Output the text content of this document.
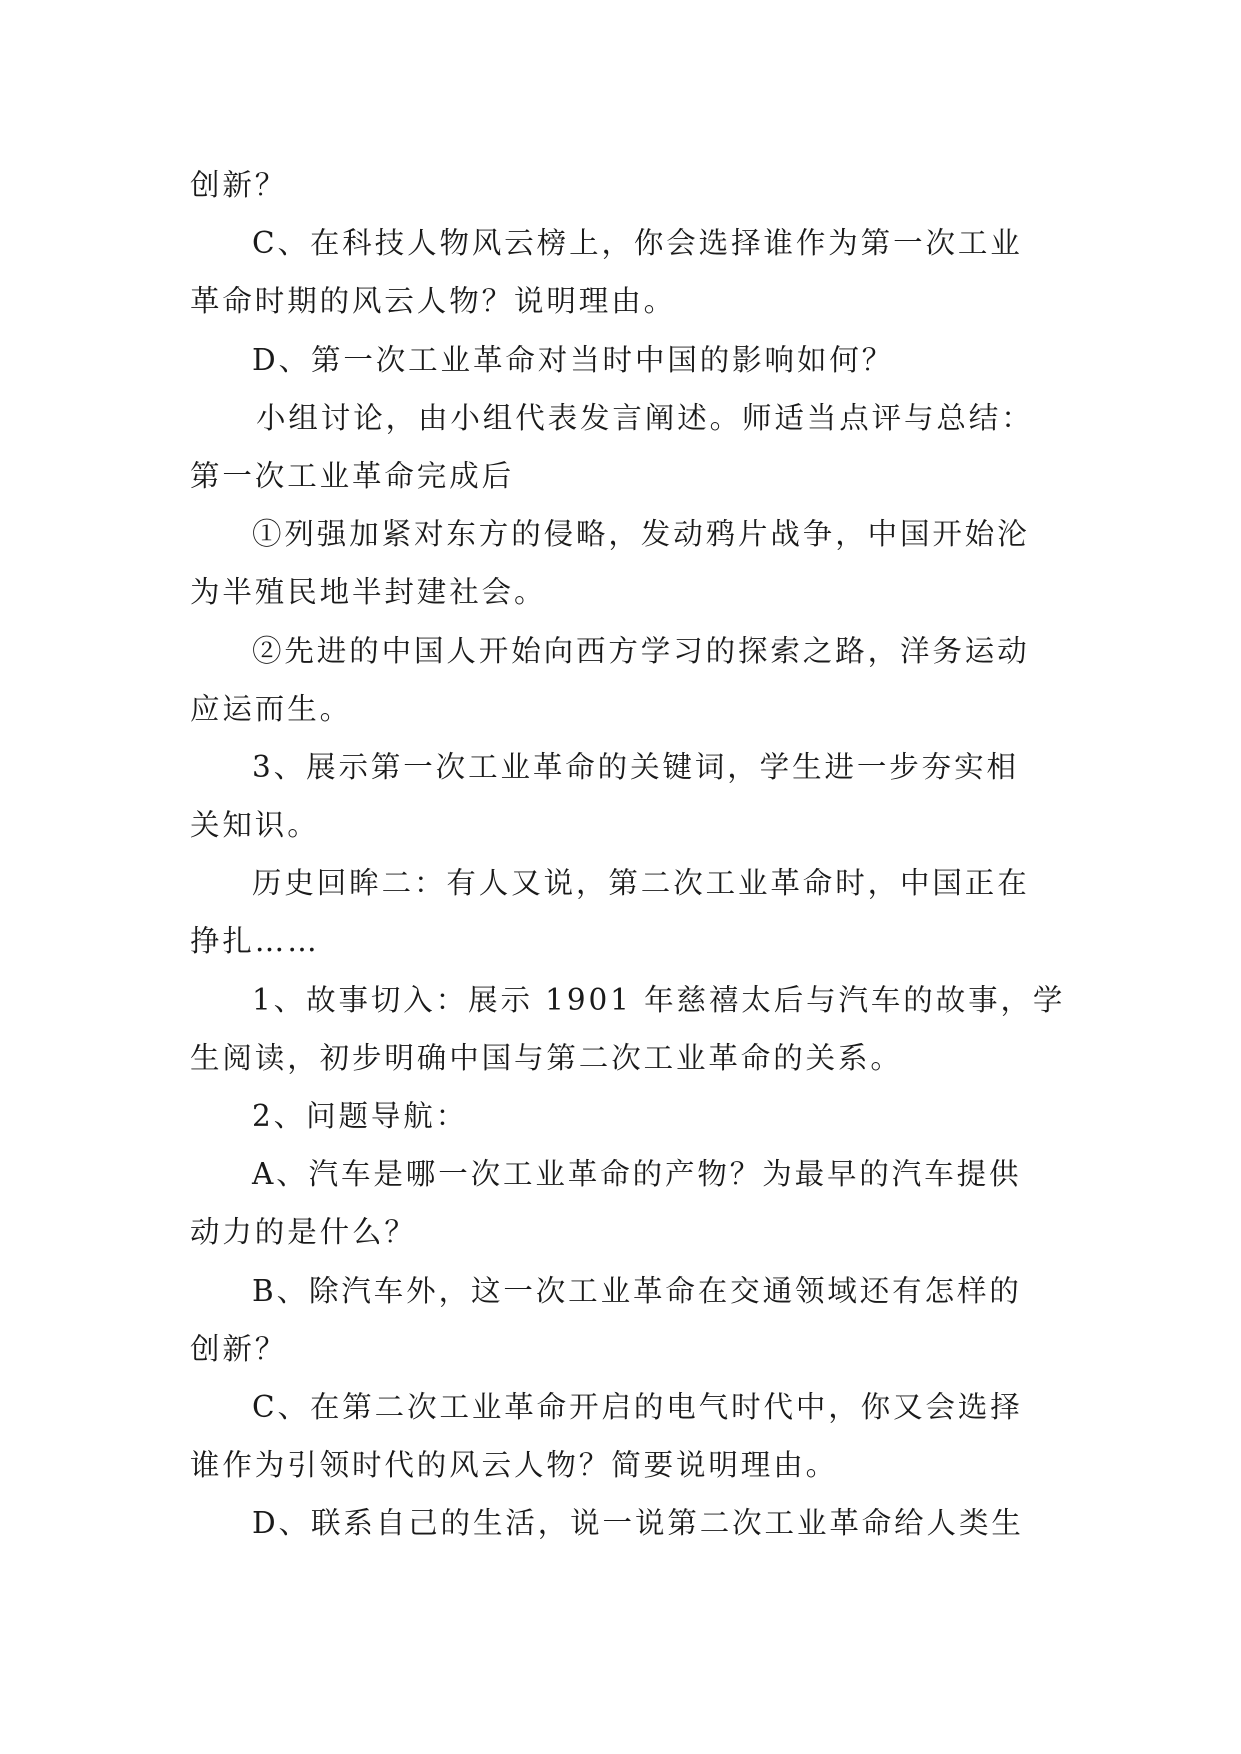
创新？
C、在科技人物风云榜上，你会选择谁作为第一次工业
革命时期的风云人物？说明理由。
D、第一次工业革命对当时中国的影响如何？
小组讨论，由小组代表发言阐述。师适当点评与总结：
第一次工业革命完成后
①列强加紧对东方的侵略，发动鸦片战争，中国开始沦
为半殖民地半封建社会。
②先进的中国人开始向西方学习的探索之路，洋务运动
应运而生。
3、展示第一次工业革命的关键词，学生进一步夯实相
关知识。
历史回眸二：有人又说，第二次工业革命时，中国正在
挣扎……
1、故事切入：展示 1901 年慈禧太后与汽车的故事，学
生阅读，初步明确中国与第二次工业革命的关系。
2、问题导航：
A、汽车是哪一次工业革命的产物？为最早的汽车提供
动力的是什么？
B、除汽车外，这一次工业革命在交通领域还有怎样的
创新？
C、在第二次工业革命开启的电气时代中，你又会选择
谁作为引领时代的风云人物？简要说明理由。
D、联系自己的生活，说一说第二次工业革命给人类生
